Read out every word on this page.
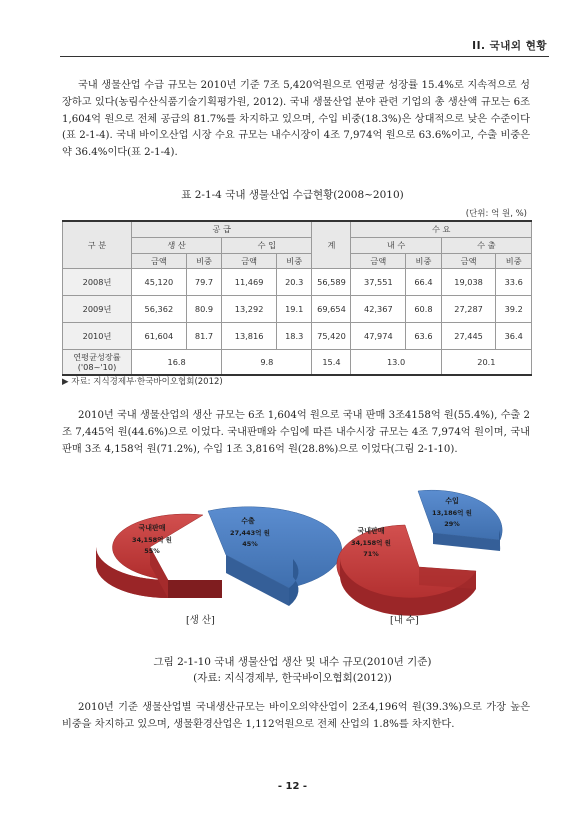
II. 국내외 현황

국내 생물산업 수급 규모는 2010년 기준 7조 5,420억원으로 연평균 성장률 15.4%로 지속적으로 성장하고 있다(농림수산식품기술기획평가원, 2012). 국내 생물산업 분야 관련 기업의 총 생산액 규모는 6조 1,604억 원으로 전체 공급의 81.7%를 차지하고 있으며, 수입 비중(18.3%)은 상대적으로 낮은 수준이다(표 2-1-4). 국내 바이오산업 시장 수요 규모는 내수시장이 4조 7,974억 원으로 63.6%이고, 수출 비중은 약 36.4%이다(표 2-1-4).

표 2-1-4 국내 생물산업 수급현황(2008~2010)
(단위: 억 원, %)
구 분	공 급				계	수 요			
	생 산		수 입			내 수		수 출	
	금액	비중	금액	비중		금액	비중	금액	비중
2008년	45,120	79.7	11,469	20.3	56,589	37,551	66.4	19,038	33.6
2009년	56,362	80.9	13,292	19.1	69,654	42,367	60.8	27,287	39.2
2010년	61,604	81.7	13,816	18.3	75,420	47,974	63.6	27,445	36.4

연평균성장률
('08~'10)	16.8		9.8		15.4	13.0		20.1	
▶ 자료: 지식경제부·한국바이오협회(2012)

2010년 국내 생물산업의 생산 규모는 6조 1,604억 원으로 국내 판매 3조4158억 원(55.4%), 수출 2조 7,445억 원(44.6%)으로 이었다. 국내판매와 수입에 따른 내수시장 규모는 4조 7,974억 원이며, 국내 판매 3조 4,158억 원(71.2%), 수입 1조 3,816억 원(28.8%)으로 이었다(그림 2-1-10).

국내판매
34,158억 원
55%
수출
27,443억 원
45%
국내판매
34,158억 원
71%
수입
13,186억 원
29%
[생 산]	[내 수]
그림 2-1-10 국내 생물산업 생산 및 내수 규모(2010년 기준)
(자료: 지식경제부, 한국바이오협회(2012))

2010년 기준 생물산업별 국내생산규모는 바이오의약산업이 2조4,196억 원(39.3%)으로 가장 높은 비중을 차지하고 있으며, 생물환경산업은 1,112억원으로 전체 산업의 1.8%를 차지한다.

- 12 -
